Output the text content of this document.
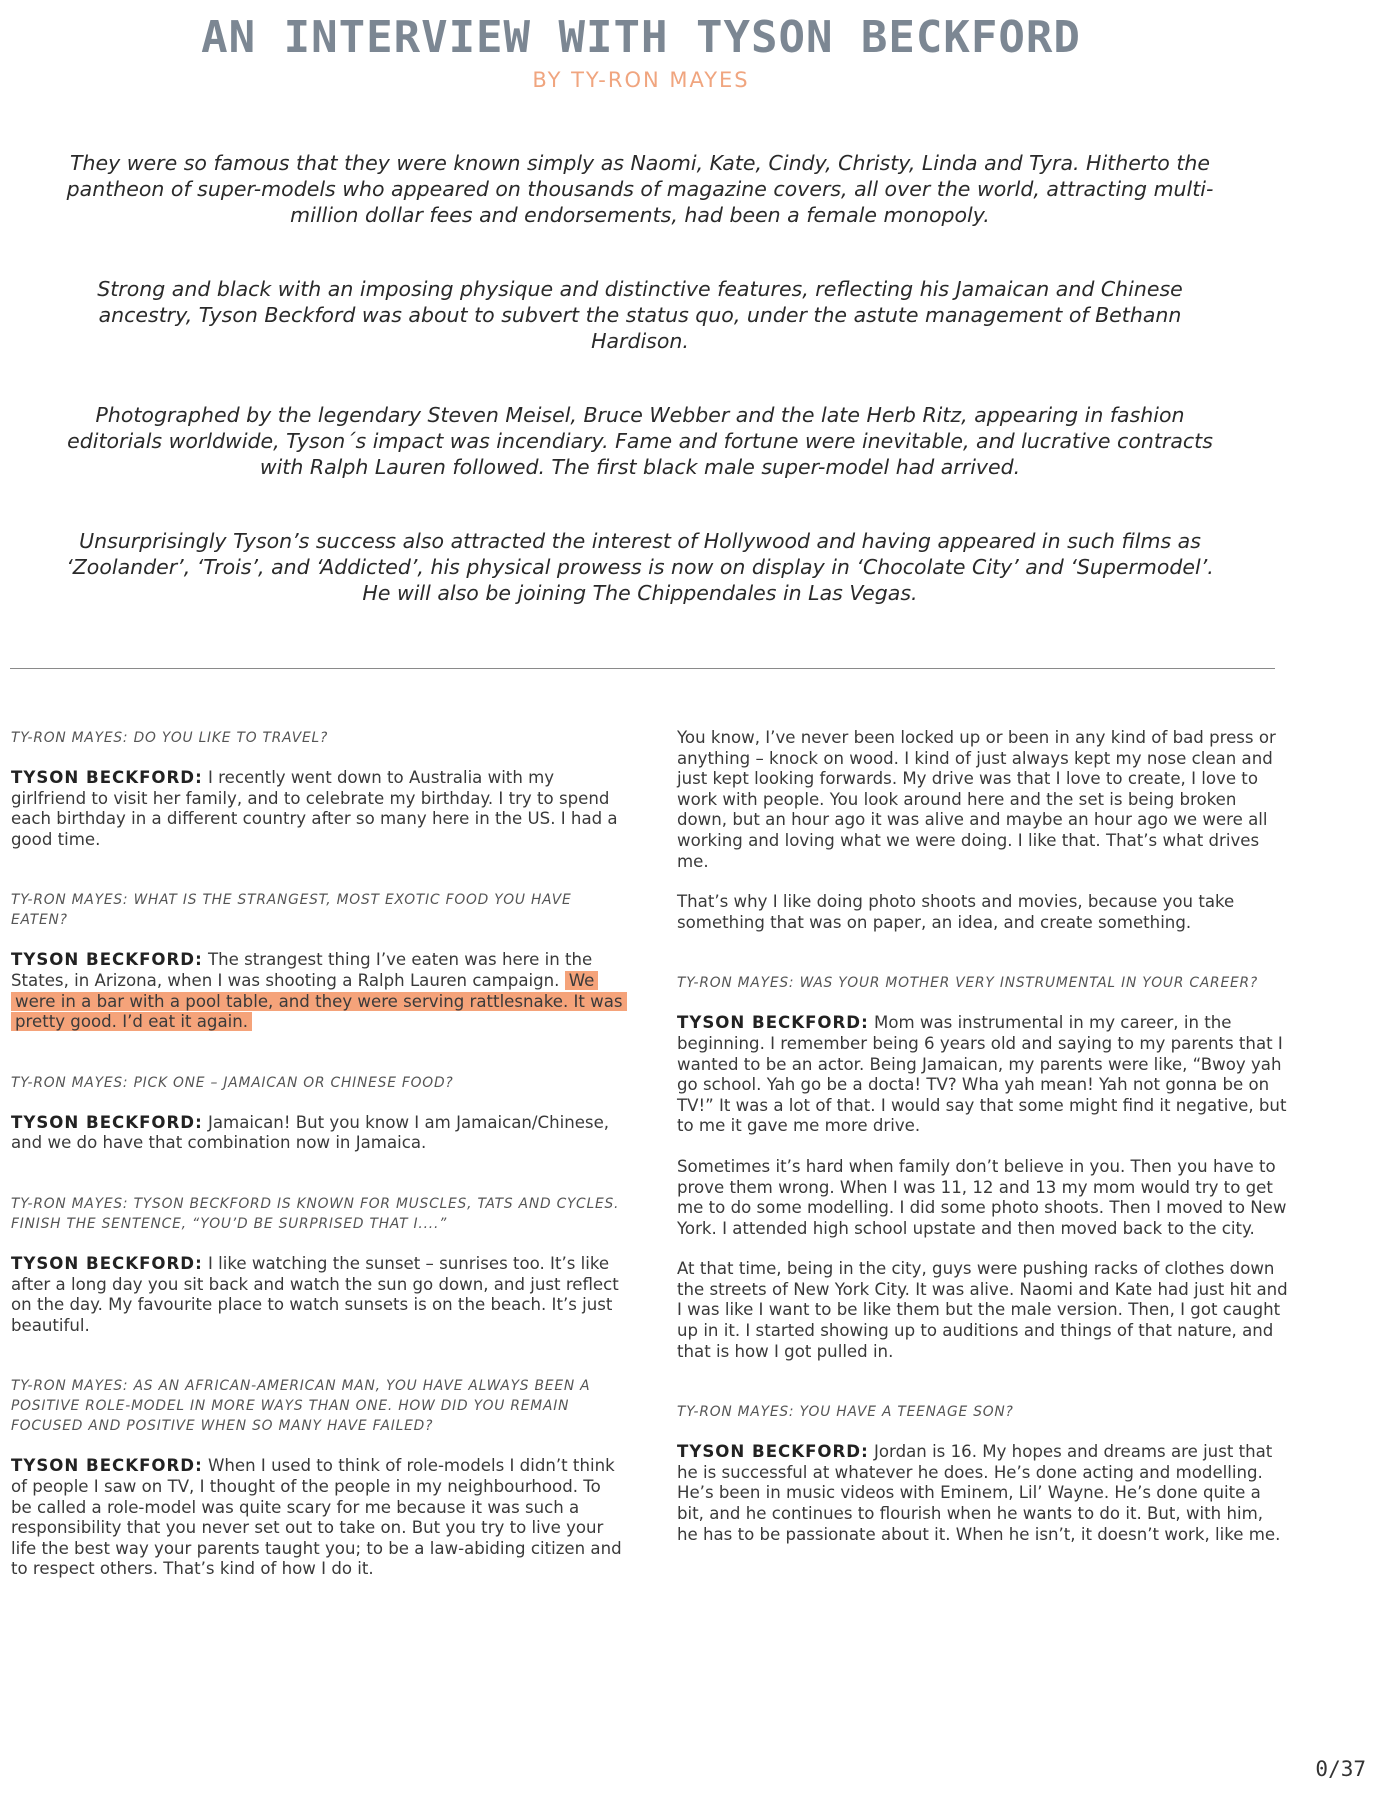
AN INTERVIEW WITH TYSON BECKFORD
BY TY-RON MAYES

They were so famous that they were known simply as Naomi, Kate, Cindy, Christy, Linda and Tyra. Hitherto the pantheon of super-models who appeared on thousands of magazine covers, all over the world, attracting multi-million dollar fees and endorsements, had been a female monopoly.

Strong and black with an imposing physique and distinctive features, reflecting his Jamaican and Chinese ancestry, Tyson Beckford was about to subvert the status quo, under the astute management of Bethann Hardison.

Photographed by the legendary Steven Meisel, Bruce Webber and the late Herb Ritz, appearing in fashion editorials worldwide, Tyson´s impact was incendiary. Fame and fortune were inevitable, and lucrative contracts with Ralph Lauren followed. The first black male super-model had arrived.

Unsurprisingly Tyson’s success also attracted the interest of Hollywood and having appeared in such films as ‘Zoolander’, ‘Trois’, and ‘Addicted’, his physical prowess is now on display in ‘Chocolate City’ and ‘Supermodel’. He will also be joining The Chippendales in Las Vegas.

TY-RON MAYES: DO YOU LIKE TO TRAVEL?

TYSON BECKFORD: I recently went down to Australia with my girlfriend to visit her family, and to celebrate my birthday. I try to spend each birthday in a different country after so many here in the US. I had a good time.

TY-RON MAYES: WHAT IS THE STRANGEST, MOST EXOTIC FOOD YOU HAVE EATEN?

TYSON BECKFORD: The strangest thing I’ve eaten was here in the States, in Arizona, when I was shooting a Ralph Lauren campaign. We were in a bar with a pool table, and they were serving rattlesnake. It was pretty good. I’d eat it again.

TY-RON MAYES: PICK ONE – JAMAICAN OR CHINESE FOOD?

TYSON BECKFORD: Jamaican! But you know I am Jamaican/Chinese, and we do have that combination now in Jamaica.

TY-RON MAYES: TYSON BECKFORD IS KNOWN FOR MUSCLES, TATS AND CYCLES. FINISH THE SENTENCE, “YOU’D BE SURPRISED THAT I....”

TYSON BECKFORD: I like watching the sunset – sunrises too. It’s like after a long day you sit back and watch the sun go down, and just reflect on the day. My favourite place to watch sunsets is on the beach. It’s just beautiful.

TY-RON MAYES: AS AN AFRICAN-AMERICAN MAN, YOU HAVE ALWAYS BEEN A POSITIVE ROLE-MODEL IN MORE WAYS THAN ONE. HOW DID YOU REMAIN FOCUSED AND POSITIVE WHEN SO MANY HAVE FAILED?

TYSON BECKFORD: When I used to think of role-models I didn’t think of people I saw on TV, I thought of the people in my neighbourhood. To be called a role-model was quite scary for me because it was such a responsibility that you never set out to take on. But you try to live your life the best way your parents taught you; to be a law-abiding citizen and to respect others. That’s kind of how I do it.

You know, I’ve never been locked up or been in any kind of bad press or anything – knock on wood. I kind of just always kept my nose clean and just kept looking forwards. My drive was that I love to create, I love to work with people. You look around here and the set is being broken down, but an hour ago it was alive and maybe an hour ago we were all working and loving what we were doing. I like that. That’s what drives me.

That’s why I like doing photo shoots and movies, because you take something that was on paper, an idea, and create something.

TY-RON MAYES: WAS YOUR MOTHER VERY INSTRUMENTAL IN YOUR CAREER?

TYSON BECKFORD: Mom was instrumental in my career, in the beginning. I remember being 6 years old and saying to my parents that I wanted to be an actor. Being Jamaican, my parents were like, “Bwoy yah go school. Yah go be a docta! TV? Wha yah mean! Yah not gonna be on TV!” It was a lot of that. I would say that some might find it negative, but to me it gave me more drive.

Sometimes it’s hard when family don’t believe in you. Then you have to prove them wrong. When I was 11, 12 and 13 my mom would try to get me to do some modelling. I did some photo shoots. Then I moved to New York. I attended high school upstate and then moved back to the city.

At that time, being in the city, guys were pushing racks of clothes down the streets of New York City. It was alive. Naomi and Kate had just hit and I was like I want to be like them but the male version. Then, I got caught up in it. I started showing up to auditions and things of that nature, and that is how I got pulled in.

TY-RON MAYES: YOU HAVE A TEENAGE SON?

TYSON BECKFORD: Jordan is 16. My hopes and dreams are just that he is successful at whatever he does. He’s done acting and modelling. He’s been in music videos with Eminem, Lil’ Wayne. He’s done quite a bit, and he continues to flourish when he wants to do it. But, with him, he has to be passionate about it. When he isn’t, it doesn’t work, like me.

0/37
